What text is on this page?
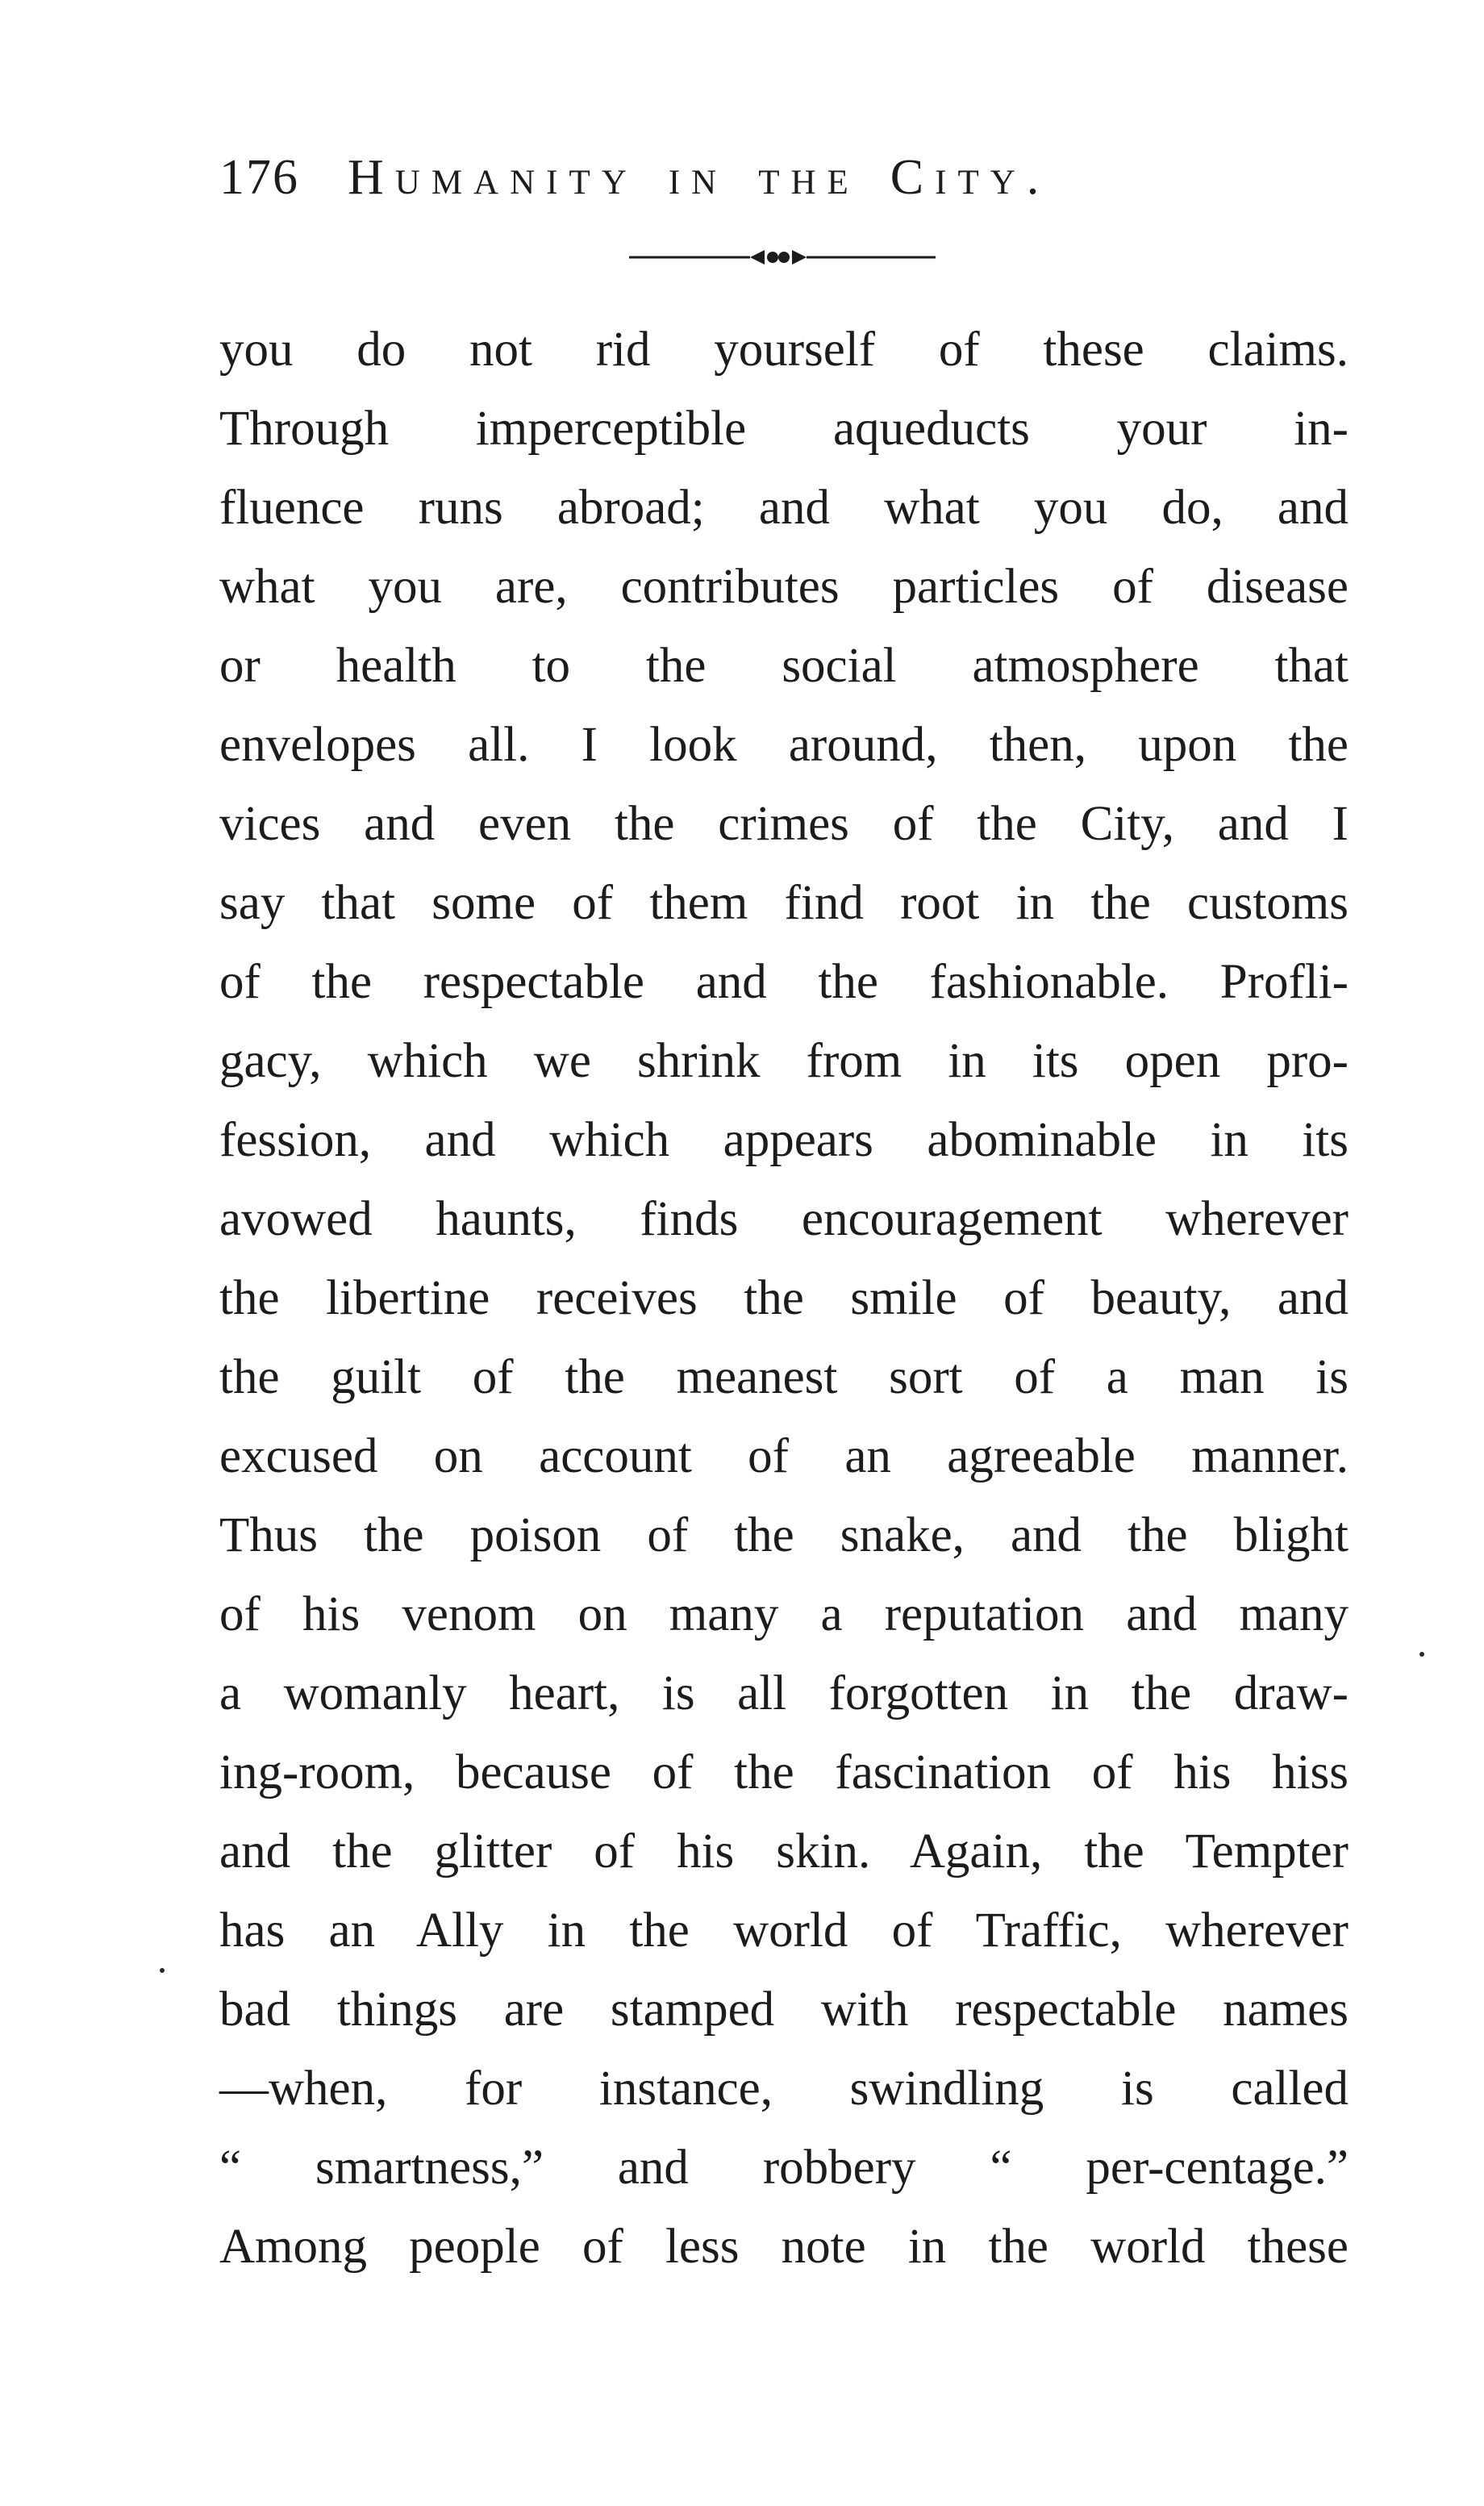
176 Humanity in the City.
you do not rid yourself of these claims.
Through imperceptible aqueducts your in-
fluence runs abroad; and what you do, and
what you are, contributes particles of disease
or health to the social atmosphere that
envelopes all. I look around, then, upon the
vices and even the crimes of the City, and I
say that some of them find root in the customs
of the respectable and the fashionable. Profli-
gacy, which we shrink from in its open pro-
fession, and which appears abominable in its
avowed haunts, finds encouragement wherever
the libertine receives the smile of beauty, and
the guilt of the meanest sort of a man is
excused on account of an agreeable manner.
Thus the poison of the snake, and the blight
of his venom on many a reputation and many
a womanly heart, is all forgotten in the draw-
ing-room, because of the fascination of his hiss
and the glitter of his skin. Again, the Tempter
has an Ally in the world of Traffic, wherever
bad things are stamped with respectable names
—when, for instance, swindling is called
“ smartness,” and robbery “ per-centage.”
Among people of less note in the world these
